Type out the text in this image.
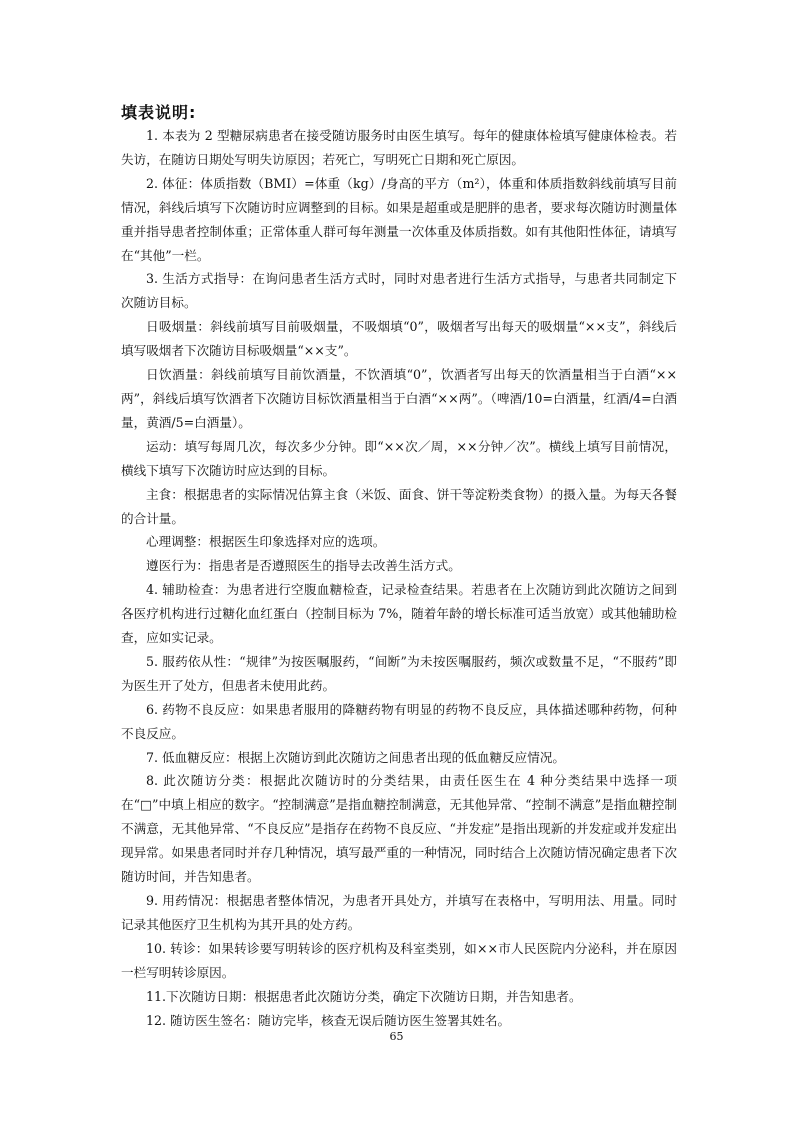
填表说明:

1. 本表为 2 型糖尿病患者在接受随访服务时由医生填写。每年的健康体检填写健康体检表。若失访，在随访日期处写明失访原因；若死亡，写明死亡日期和死亡原因。

2. 体征：体质指数（BMI）=体重（kg）/身高的平方（m²），体重和体质指数斜线前填写目前情况，斜线后填写下次随访时应调整到的目标。如果是超重或是肥胖的患者，要求每次随访时测量体重并指导患者控制体重；正常体重人群可每年测量一次体重及体质指数。如有其他阳性体征，请填写在“其他”一栏。

3. 生活方式指导：在询问患者生活方式时，同时对患者进行生活方式指导，与患者共同制定下次随访目标。

日吸烟量：斜线前填写目前吸烟量，不吸烟填“0”，吸烟者写出每天的吸烟量“××支”，斜线后填写吸烟者下次随访目标吸烟量“××支”。

日饮酒量：斜线前填写目前饮酒量，不饮酒填“0”，饮酒者写出每天的饮酒量相当于白酒“××两”，斜线后填写饮酒者下次随访目标饮酒量相当于白酒“××两”。（啤酒/10=白酒量，红酒/4=白酒量，黄酒/5=白酒量）。

运动：填写每周几次，每次多少分钟。即“××次／周，××分钟／次”。横线上填写目前情况，横线下填写下次随访时应达到的目标。

主食：根据患者的实际情况估算主食（米饭、面食、饼干等淀粉类食物）的摄入量。为每天各餐的合计量。

心理调整：根据医生印象选择对应的选项。

遵医行为：指患者是否遵照医生的指导去改善生活方式。

4. 辅助检查：为患者进行空腹血糖检查，记录检查结果。若患者在上次随访到此次随访之间到各医疗机构进行过糖化血红蛋白（控制目标为 7%，随着年龄的增长标准可适当放宽）或其他辅助检查，应如实记录。

5. 服药依从性：“规律”为按医嘱服药，“间断”为未按医嘱服药，频次或数量不足，“不服药”即为医生开了处方，但患者未使用此药。

6. 药物不良反应：如果患者服用的降糖药物有明显的药物不良反应，具体描述哪种药物，何种不良反应。

7. 低血糖反应：根据上次随访到此次随访之间患者出现的低血糖反应情况。

8. 此次随访分类：根据此次随访时的分类结果，由责任医生在 4 种分类结果中选择一项在“□”中填上相应的数字。“控制满意”是指血糖控制满意，无其他异常、“控制不满意”是指血糖控制不满意，无其他异常、“不良反应”是指存在药物不良反应、“并发症”是指出现新的并发症或并发症出现异常。如果患者同时并存几种情况，填写最严重的一种情况，同时结合上次随访情况确定患者下次随访时间，并告知患者。

9. 用药情况：根据患者整体情况，为患者开具处方，并填写在表格中，写明用法、用量。同时记录其他医疗卫生机构为其开具的处方药。

10. 转诊：如果转诊要写明转诊的医疗机构及科室类别，如××市人民医院内分泌科，并在原因一栏写明转诊原因。

11.下次随访日期：根据患者此次随访分类，确定下次随访日期，并告知患者。

12. 随访医生签名：随访完毕，核查无误后随访医生签署其姓名。

65
